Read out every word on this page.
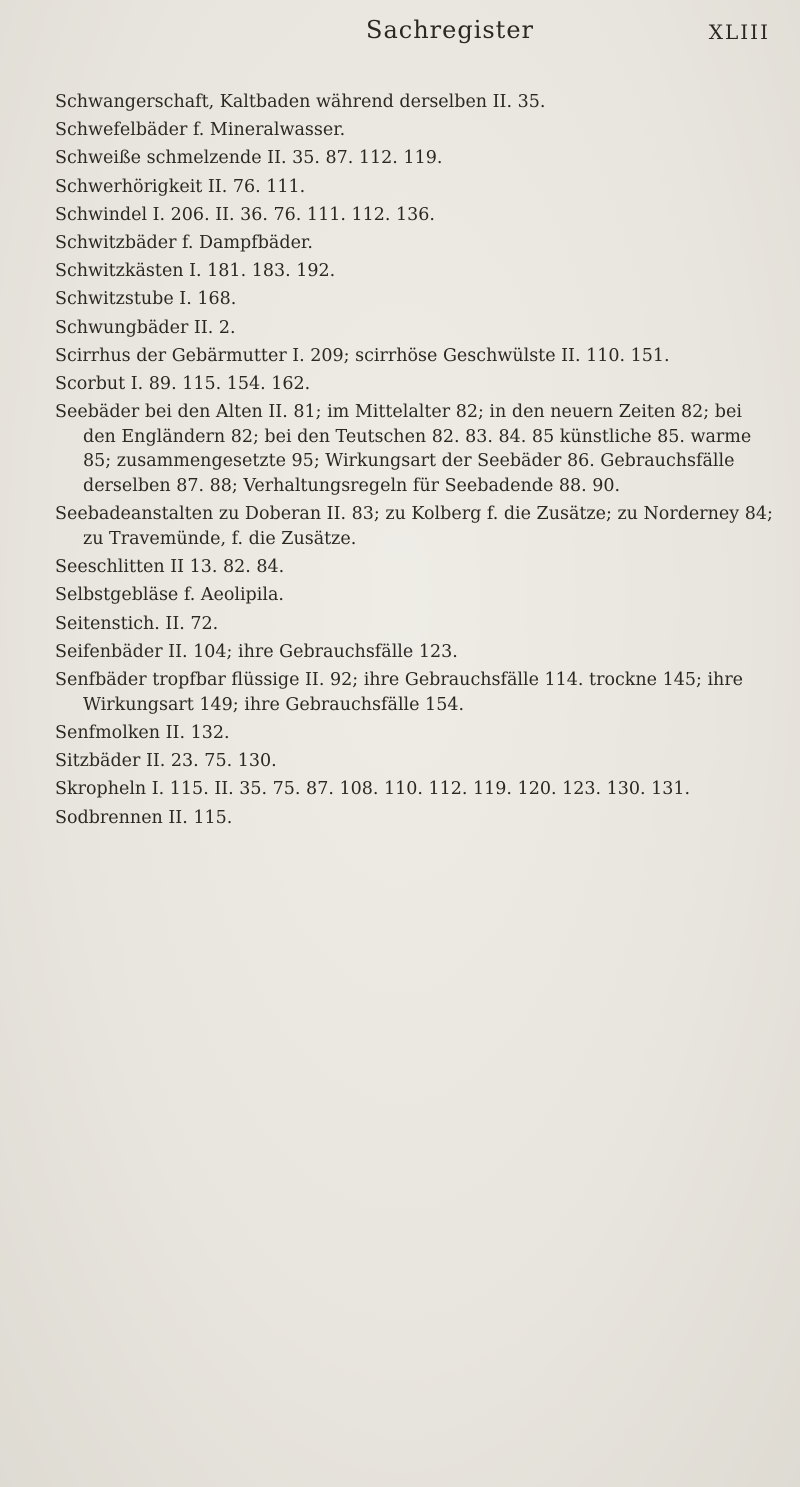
Sachregister	XLIII

Schwangerschaft, Kaltbaden während derselben II. 35.

Schwefelbäder f. Mineralwasser.

Schweiße schmelzende II. 35. 87. 112. 119.

Schwerhörigkeit II. 76. 111.

Schwindel I. 206. II. 36. 76. 111. 112. 136.

Schwitzbäder f. Dampfbäder.

Schwitzkästen I. 181. 183. 192.

Schwitzstube I. 168.

Schwungbäder II. 2.

Scirrhus der Gebärmutter I. 209; scirrhöse Geschwülste II. 110. 151.

Scorbut I. 89. 115. 154. 162.

Seebäder bei den Alten II. 81; im Mittelalter 82; in den neuern Zeiten 82; bei den Engländern 82; bei den Teutschen 82. 83. 84. 85 künstliche 85. warme 85; zusammengesetzte 95; Wirkungsart der Seebäder 86. Gebrauchsfälle derselben 87. 88; Verhaltungsregeln für Seebadende 88. 90.

Seebadeanstalten zu Doberan II. 83; zu Kolberg f. die Zusätze; zu Norderney 84; zu Travemünde, f. die Zusätze.

Seeschlitten II 13. 82. 84.

Selbstgebläse f. Aeolipila.

Seitenstich. II. 72.

Seifenbäder II. 104; ihre Gebrauchsfälle 123.

Senfbäder tropfbar flüssige II. 92; ihre Gebrauchsfälle 114. trockne 145; ihre Wirkungsart 149; ihre Gebrauchsfälle 154.

Senfmolken II. 132.

Sitzbäder II. 23. 75. 130.

Skropheln I. 115. II. 35. 75. 87. 108. 110. 112. 119. 120. 123. 130. 131.

Sodbrennen II. 115.
